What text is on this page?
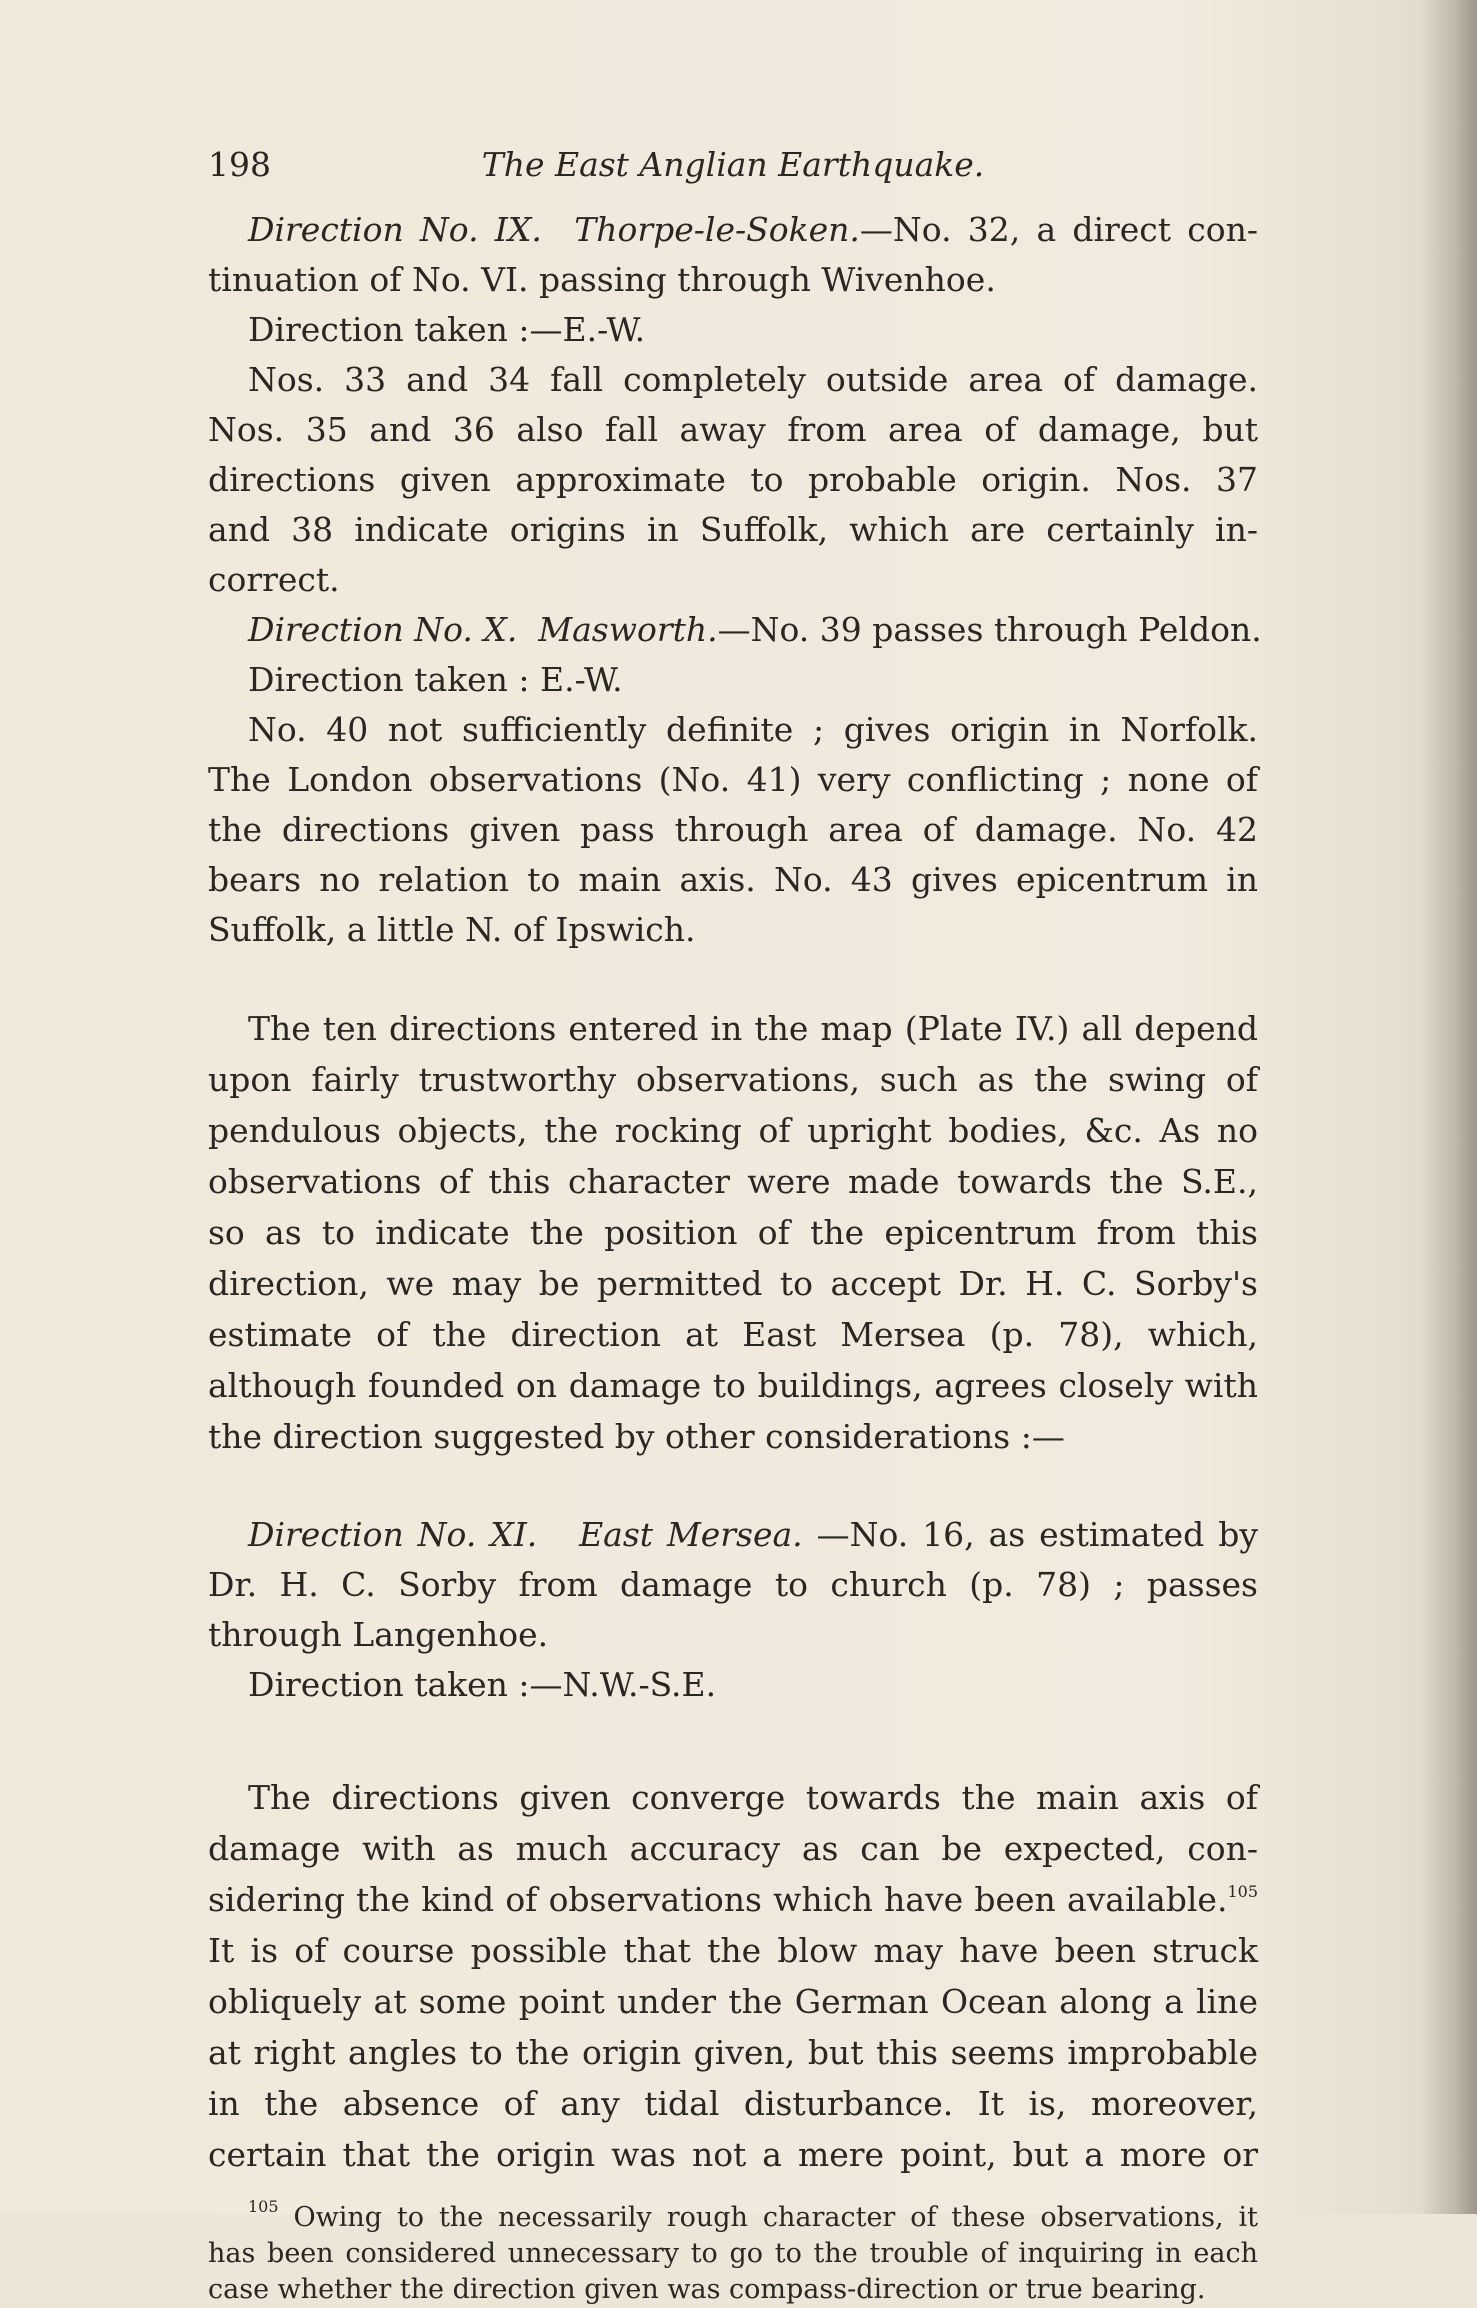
198	The East Anglian Earthquake.
Direction No. IX. Thorpe-le-Soken.—No. 32, a direct con-
tinuation of No. VI. passing through Wivenhoe.
Direction taken :—E.-W.
Nos. 33 and 34 fall completely outside area of damage.
Nos. 35 and 36 also fall away from area of damage, but
directions given approximate to probable origin. Nos. 37
and 38 indicate origins in Suffolk, which are certainly in-
correct.
Direction No. X. Masworth.—No. 39 passes through Peldon.
Direction taken : E.-W.
No. 40 not sufficiently definite ; gives origin in Norfolk.
The London observations (No. 41) very conflicting ; none of
the directions given pass through area of damage. No. 42
bears no relation to main axis. No. 43 gives epicentrum in
Suffolk, a little N. of Ipswich.
The ten directions entered in the map (Plate IV.) all depend
upon fairly trustworthy observations, such as the swing of
pendulous objects, the rocking of upright bodies, &c. As no
observations of this character were made towards the S.E.,
so as to indicate the position of the epicentrum from this
direction, we may be permitted to accept Dr. H. C. Sorby's
estimate of the direction at East Mersea (p. 78), which,
although founded on damage to buildings, agrees closely with
the direction suggested by other considerations :—
Direction No. XI. East Mersea. —No. 16, as estimated by
Dr. H. C. Sorby from damage to church (p. 78) ; passes
through Langenhoe.
Direction taken :—N.W.-S.E.
The directions given converge towards the main axis of
damage with as much accuracy as can be expected, con-
sidering the kind of observations which have been available.$^{105}$
It is of course possible that the blow may have been struck
obliquely at some point under the German Ocean along a line
at right angles to the origin given, but this seems improbable
in the absence of any tidal disturbance. It is, moreover,
certain that the origin was not a mere point, but a more or
$^{105}$ Owing to the necessarily rough character of these observations, it
has been considered unnecessary to go to the trouble of inquiring in each
case whether the direction given was compass-direction or true bearing.
